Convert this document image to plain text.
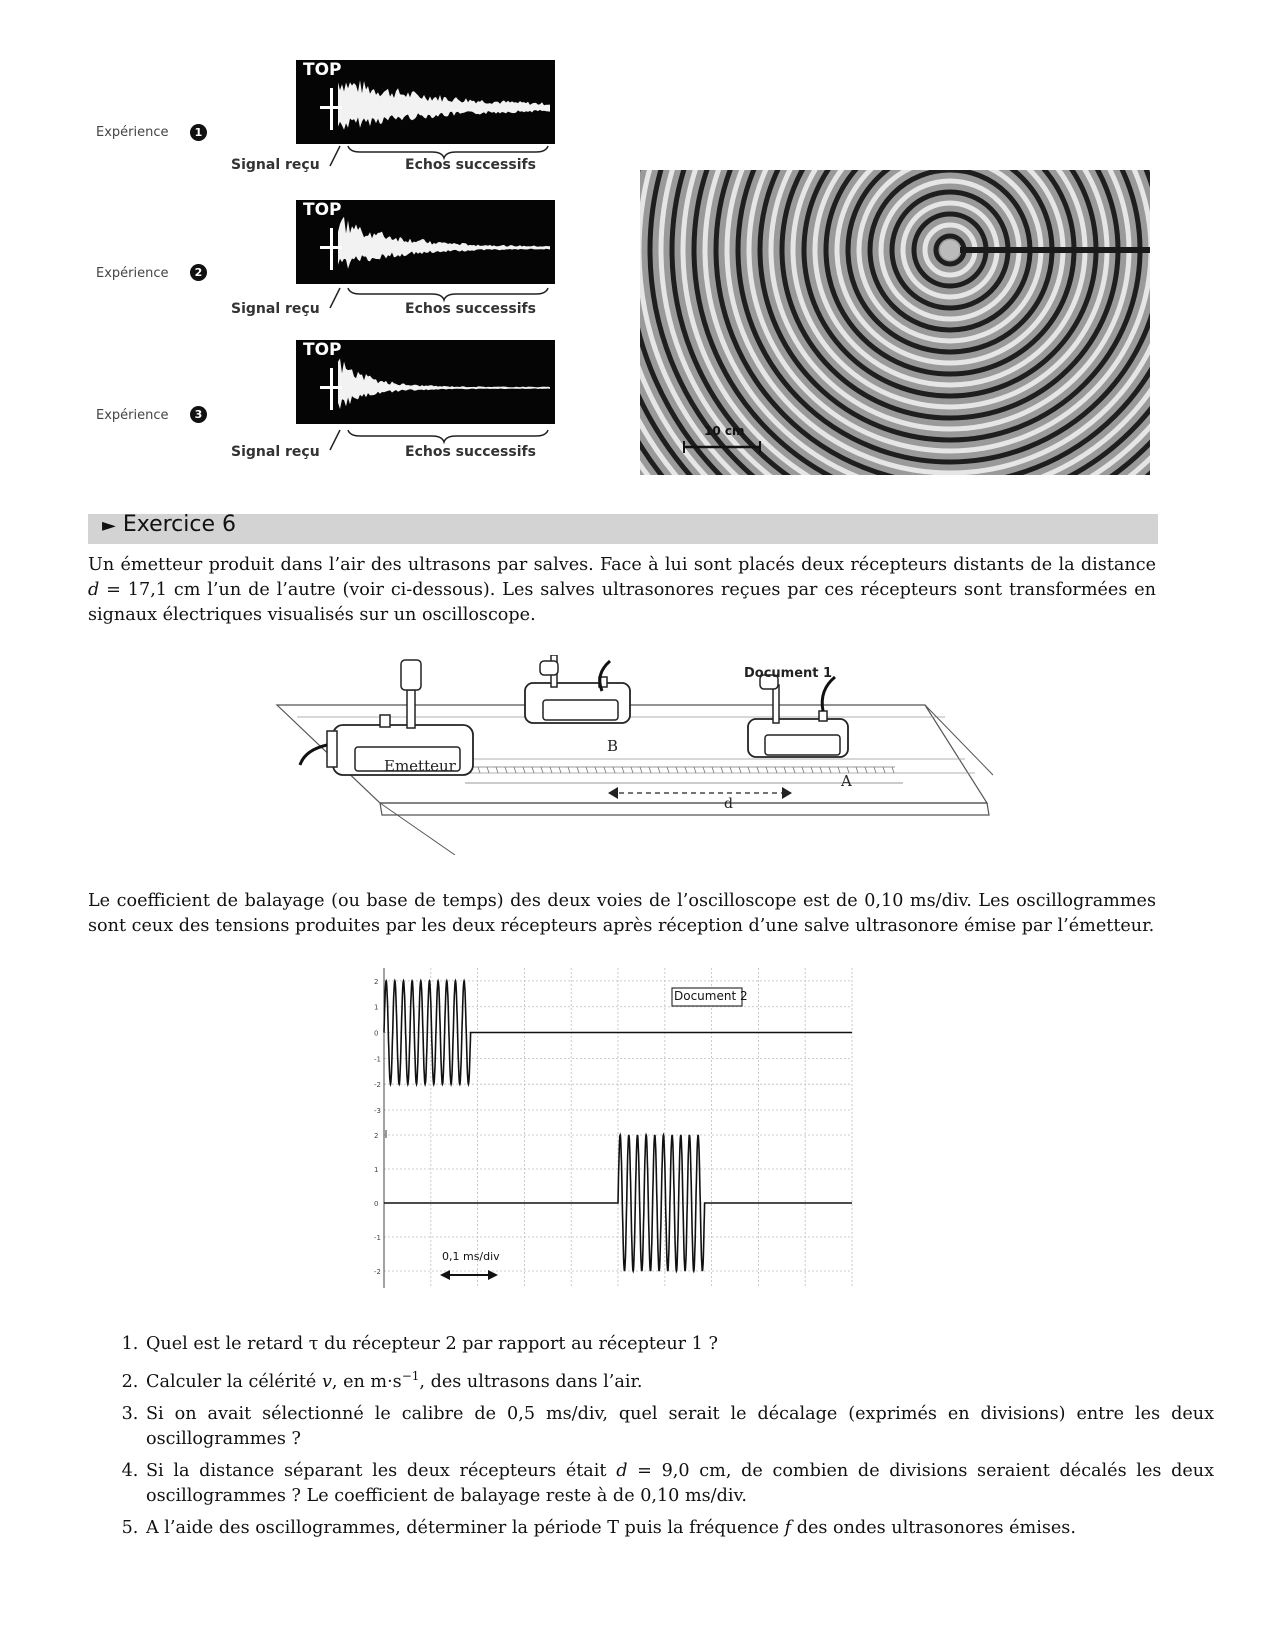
Expérience	1
TOP
Signal reçu	Echos successifs
Expérience	2
TOP
Signal reçu	Echos successifs
Expérience	3
TOP
Signal reçu	Echos successifs
10 cm
► Exercice 6

Un émetteur produit dans l’air des ultrasons par salves. Face à lui sont placés deux récepteurs distants de la distance d = 17,1 cm l’un de l’autre (voir ci-dessous). Les salves ultrasonores reçues par ces récepteurs sont transformées en signaux électriques visualisés sur un oscilloscope.

Document 1
Emetteur
B
A
d

Le coefficient de balayage (ou base de temps) des deux voies de l’oscilloscope est de 0,10 ms/div. Les oscillogrammes sont ceux des tensions produites par les deux récepteurs après réception d’une salve ultrasonore émise par l’émetteur.

2
1
0
-1
-2
-3
2
1
0
-1
-2
Document 2
0,1 ms/div
1. Quel est le retard τ du récepteur 2 par rapport au récepteur 1 ?
2. Calculer la célérité v, en $m\cdot s^{-1}$, des ultrasons dans l’air.
3. Si on avait sélectionné le calibre de 0,5 ms/div, quel serait le décalage (exprimés en divisions) entre les deux oscillogrammes ?
4. Si la distance séparant les deux récepteurs était d = 9,0 cm, de combien de divisions seraient décalés les deux oscillogrammes ? Le coefficient de balayage reste à de 0,10 ms/div.
5. A l’aide des oscillogrammes, déterminer la période T puis la fréquence f des ondes ultrasonores émises.
